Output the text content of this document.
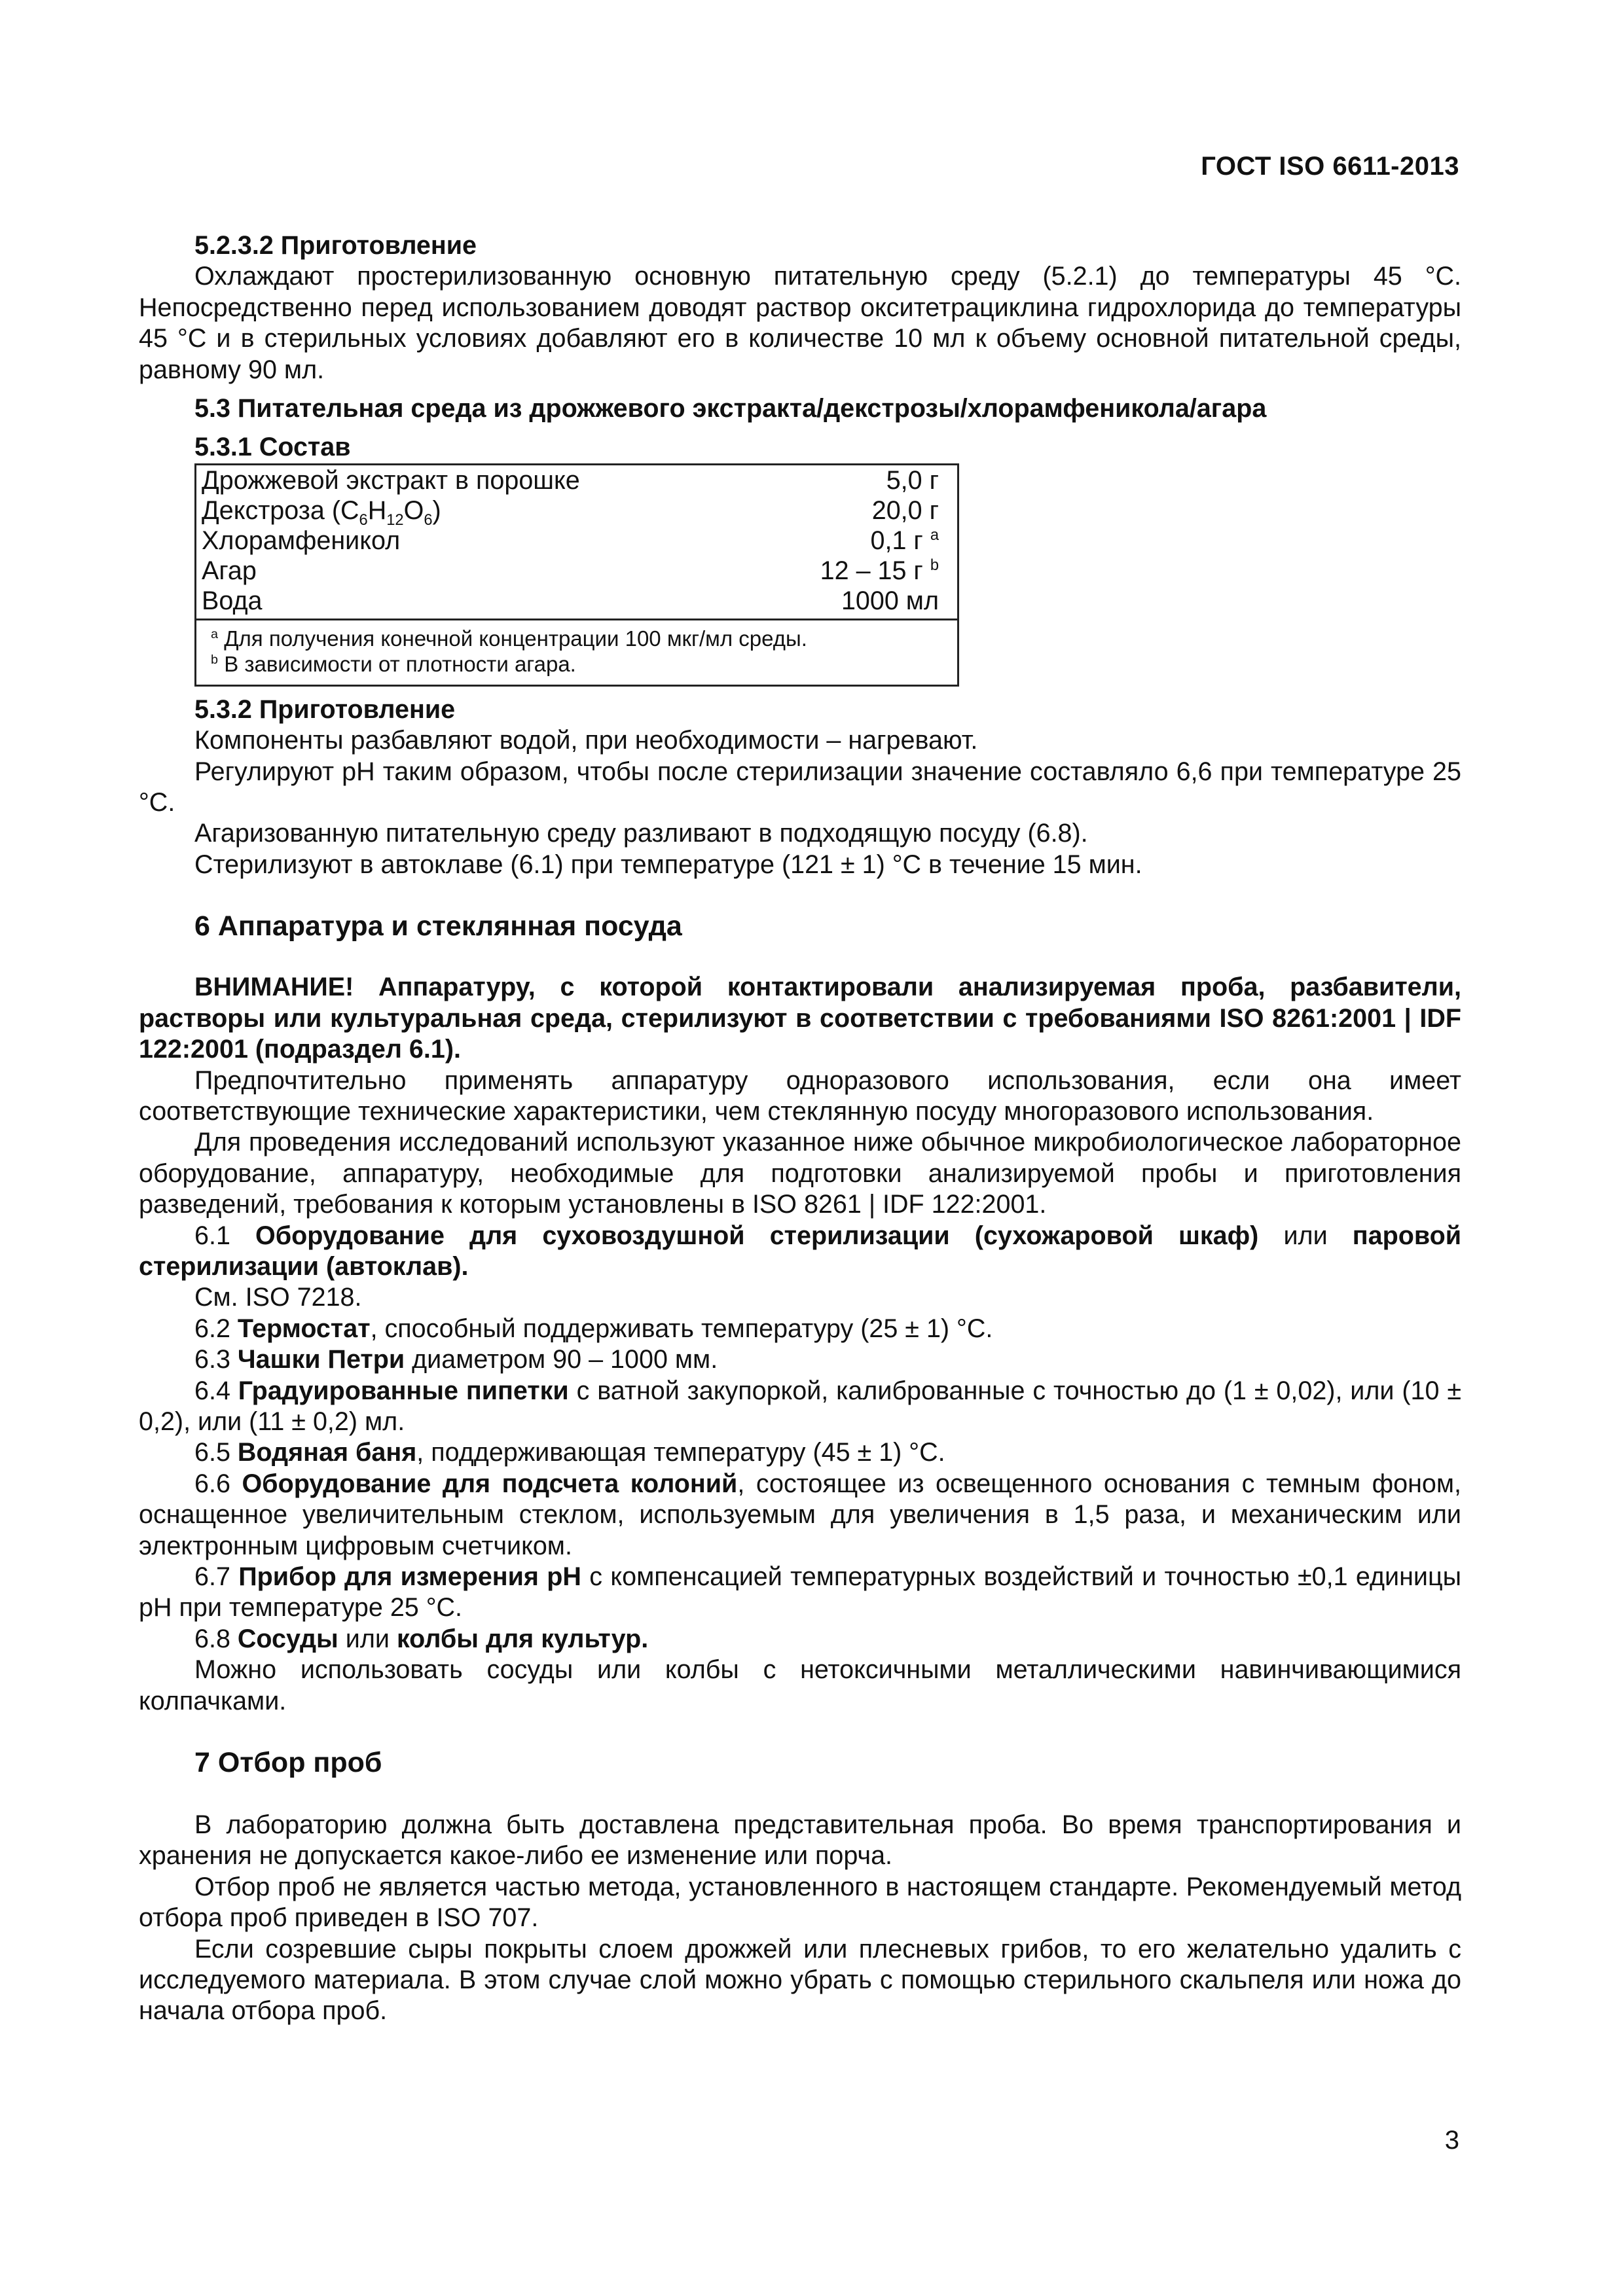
ГОСТ ISO 6611-2013

5.2.3.2 Приготовление

Охлаждают простерилизованную основную питательную среду (5.2.1) до температуры 45 °С. Непосредственно перед использованием доводят раствор окситетрациклина гидрохлорида до температуры 45 °С и в стерильных условиях добавляют его в количестве 10 мл к объему основной питательной среды, равному 90 мл.

5.3 Питательная среда из дрожжевого экстракта/декстрозы/хлорамфеникола/агара

5.3.1 Состав

Дрожжевой экстракт в порошке	5,0 г
Декстроза $(C_6H_{12}O_6)$	20,0 г
Хлорамфеникол	0,1 г $^a$
Агар	12 – 15 г $^b$
Вода	1000 мл

$^a$ Для получения конечной концентрации 100 мкг/мл среды.
$^b$ В зависимости от плотности агара.	

5.3.2 Приготовление

Компоненты разбавляют водой, при необходимости – нагревают.

Регулируют pH таким образом, чтобы после стерилизации значение составляло 6,6 при температуре 25 °С.

Агаризованную питательную среду разливают в подходящую посуду (6.8).

Стерилизуют в автоклаве (6.1) при температуре (121 ± 1) °С в течение 15 мин.

6 Аппаратура и стеклянная посуда

ВНИМАНИЕ! Аппаратуру, с которой контактировали анализируемая проба, разбавители, растворы или культуральная среда, стерилизуют в соответствии с требованиями ISO 8261:2001 | IDF 122:2001 (подраздел 6.1).

Предпочтительно применять аппаратуру одноразового использования, если она имеет соответствующие технические характеристики, чем стеклянную посуду многоразового использования.

Для проведения исследований используют указанное ниже обычное микробиологическое лабораторное оборудование, аппаратуру, необходимые для подготовки анализируемой пробы и приготовления разведений, требования к которым установлены в ISO 8261 | IDF 122:2001.

6.1 Оборудование для суховоздушной стерилизации (сухожаровой шкаф) или паровой стерилизации (автоклав).

См. ISO 7218.

6.2 Термостат, способный поддерживать температуру (25 ± 1) °С.

6.3 Чашки Петри диаметром 90 – 1000 мм.

6.4 Градуированные пипетки с ватной закупоркой, калиброванные с точностью до (1 ± 0,02), или (10 ± 0,2), или (11 ± 0,2) мл.

6.5 Водяная баня, поддерживающая температуру (45 ± 1) °С.

6.6 Оборудование для подсчета колоний, состоящее из освещенного основания с темным фоном, оснащенное увеличительным стеклом, используемым для увеличения в 1,5 раза, и механическим или электронным цифровым счетчиком.

6.7 Прибор для измерения pH с компенсацией температурных воздействий и точностью ±0,1 единицы pH при температуре 25 °С.

6.8 Сосуды или колбы для культур.

Можно использовать сосуды или колбы с нетоксичными металлическими навинчивающимися колпачками.

7 Отбор проб

В лабораторию должна быть доставлена представительная проба. Во время транспортирования и хранения не допускается какое-либо ее изменение или порча.

Отбор проб не является частью метода, установленного в настоящем стандарте. Рекомендуемый метод отбора проб приведен в ISO 707.

Если созревшие сыры покрыты слоем дрожжей или плесневых грибов, то его желательно удалить с исследуемого материала. В этом случае слой можно убрать с помощью стерильного скальпеля или ножа до начала отбора проб.

3
